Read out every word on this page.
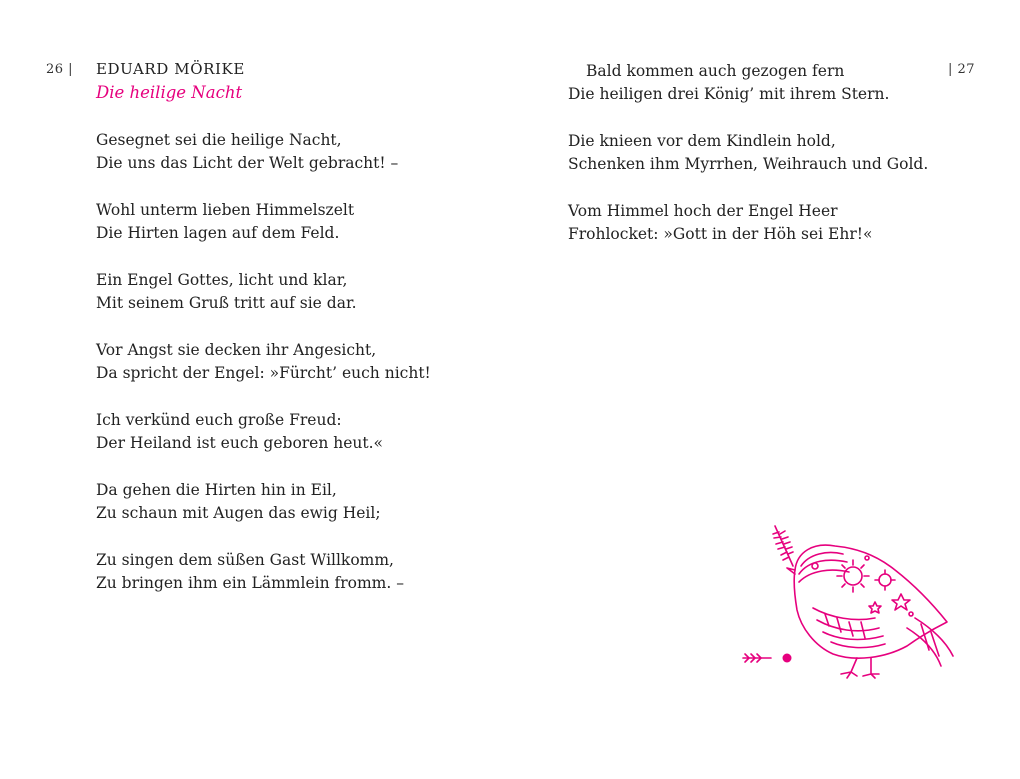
26 | EDUARD MÖRIKE
Die heilige Nacht
Gesegnet sei die heilige Nacht,
Die uns das Licht der Welt gebracht! –
Wohl unterm lieben Himmelszelt
Die Hirten lagen auf dem Feld.
Ein Engel Gottes, licht und klar,
Mit seinem Gruß tritt auf sie dar.
Vor Angst sie decken ihr Angesicht,
Da spricht der Engel: »Fürcht’ euch nicht!
Ich verkünd euch große Freud:
Der Heiland ist euch geboren heut.«
Da gehen die Hirten hin in Eil,
Zu schaun mit Augen das ewig Heil;
Zu singen dem süßen Gast Willkomm,
Zu bringen ihm ein Lämmlein fromm. –
| 27
Bald kommen auch gezogen fern
Die heiligen drei König’ mit ihrem Stern.
Die knieen vor dem Kindlein hold,
Schenken ihm Myrrhen, Weihrauch und Gold.
Vom Himmel hoch der Engel Heer
Frohlocket: »Gott in der Höh sei Ehr!«
